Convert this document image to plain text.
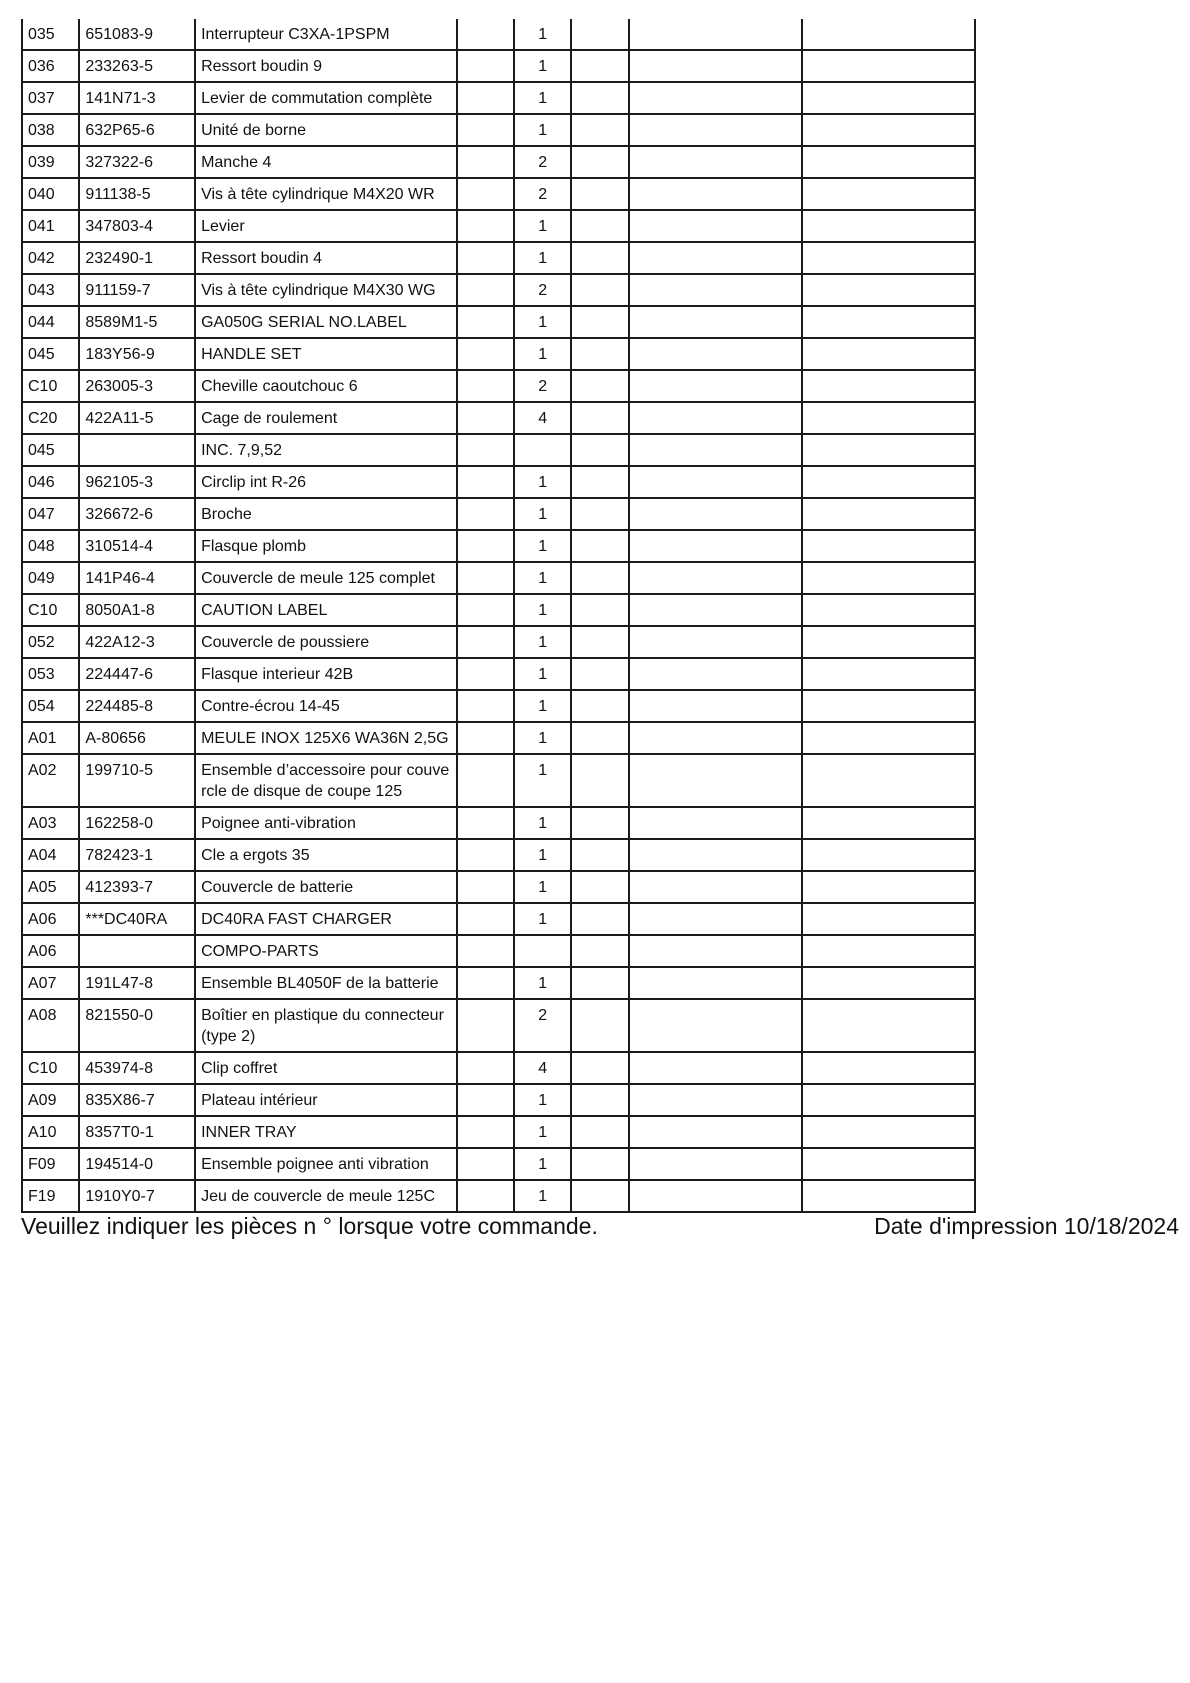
035	651083-9	Interrupteur C3XA-1PSPM		1			
036	233263-5	Ressort boudin 9		1			
037	141N71-3	Levier de commutation complète		1			
038	632P65-6	Unité de borne		1			
039	327322-6	Manche 4		2			
040	911138-5	Vis à tête cylindrique M4X20 WR		2			
041	347803-4	Levier		1			
042	232490-1	Ressort boudin 4		1			
043	911159-7	Vis à tête cylindrique M4X30 WG		2			
044	8589M1-5	GA050G SERIAL NO.LABEL		1			
045	183Y56-9	HANDLE SET		1			
C10	263005-3	Cheville caoutchouc 6		2			
C20	422A11-5	Cage de roulement		4			
045		INC. 7,9,52					
046	962105-3	Circlip int R-26		1			
047	326672-6	Broche		1			
048	310514-4	Flasque plomb		1			
049	141P46-4	Couvercle de meule 125 complet		1			
C10	8050A1-8	CAUTION LABEL		1			
052	422A12-3	Couvercle de poussiere		1			
053	224447-6	Flasque interieur 42B		1			
054	224485-8	Contre-écrou 14-45		1			
A01	A-80656	MEULE INOX 125X6 WA36N 2,5G		1			
A02	199710-5	Ensemble d’accessoire pour couvercle de disque de coupe 125		1			
A03	162258-0	Poignee anti-vibration		1			
A04	782423-1	Cle a ergots 35		1			
A05	412393-7	Couvercle de batterie		1			
A06	***DC40RA	DC40RA FAST CHARGER		1			
A06		COMPO-PARTS					
A07	191L47-8	Ensemble BL4050F de la batterie		1			
A08	821550-0	Boîtier en plastique du connecteur (type 2)		2			
C10	453974-8	Clip coffret		4			
A09	835X86-7	Plateau intérieur		1			
A10	8357T0-1	INNER TRAY		1			
F09	194514-0	Ensemble poignee anti vibration		1			
F19	1910Y0-7	Jeu de couvercle de meule 125C		1			
Veuillez indiquer les pièces n ° lorsque votre commande.	Date d'impression 10/18/2024
